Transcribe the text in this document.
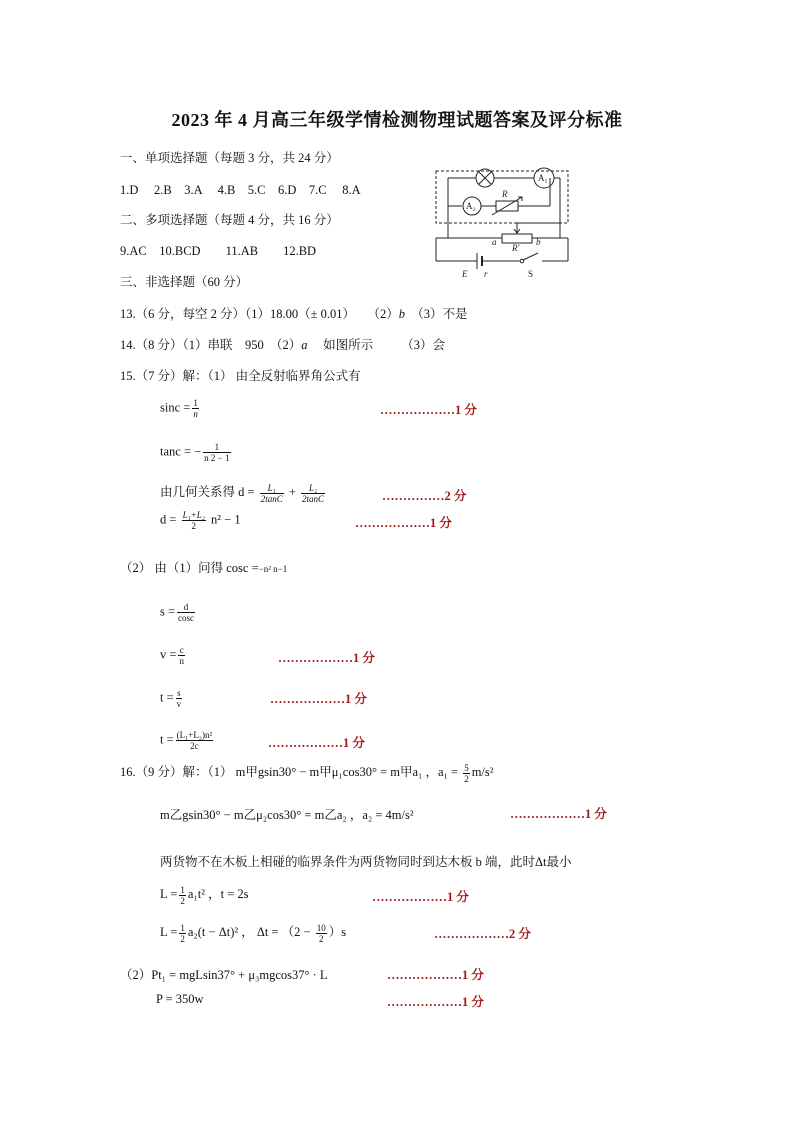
2023 年 4 月高三年级学情检测物理试题答案及评分标准
一、单项选择题（每题 3 分，共 24 分）
1.D　 2.B　3.A　 4.B　5.C　6.D　7.C　 8.A
二、多项选择题（每题 4 分，共 16 分）
9.AC　10.BCD　　11.AB　　12.BD
三、非选择题（60 分）
A₁
A₂
R
R′
a	b
E r	S
13.（6 分，每空 2 分）（1）18.00（± 0.01）　　（2）b　（3）不是
14.（8 分）（1）串联　950　（2）a　 如图所示　　 （3）会
15.（7 分）解：（1） 由全反射临界角公式有
$\sin c = \frac{1}{n}$	………………1 分
tanc = − $\frac{1}{n 2 - 1}$
由几何关系得 $d = \frac{\text{L₁}}{2\tan C} + \frac{\text{L₂}}{2\tan C}$	……………2 分
$d = \frac{\text{L₁+L₂}}{2} n^2 - 1$	………………1 分
（2） 由（1）问得 cosc =−n² n−1
$s = \frac{d}{\cos c}$
$v = \frac{c}{n}$	………………1 分
$t = \frac{s}{v}$	………………1 分
$t = \frac{\text{(L₁+L₂)n²}}{2c}$	………………1 分
16.（9 分）解：（1） m甲gsin30° − m甲μ₁cos30° = m甲a₁ ，$a_1 = \frac{5}{2} m/s^2$
m乙gsin30° − m乙μ₂cos30° = m乙a₂ ，a₂ = 4m/s²	………………1 分
两货物不在木板上相碰的临界条件为两货物同时到达木板 b 端，此时Δt最小
$L = \frac{1}{2} a_1t^2$ ，t = 2s	………………1 分
$L = \frac{1}{2} a_2(t - \Delta t)^2$ ， $\Delta t = (2 - \frac{10}{2} )s$	………………2 分
（2）Pt₁ = mgLsin37° + μ₃mgcos37° · L	………………1 分
P = 350w	………………1 分
